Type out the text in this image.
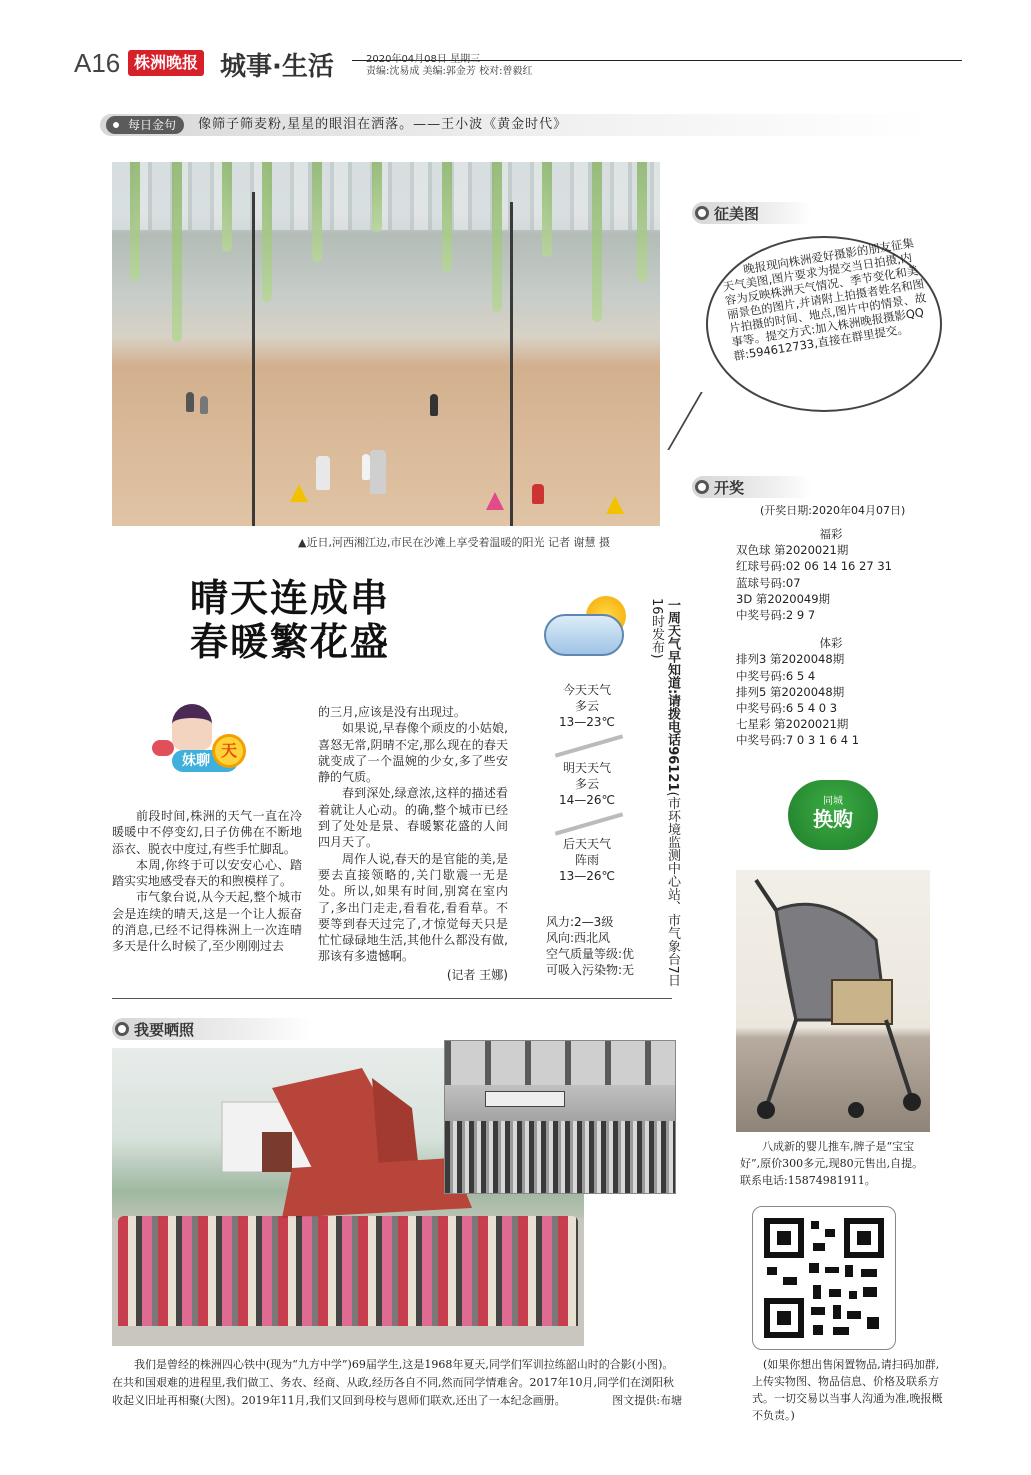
A16 株洲晚报 城事·生活	2020年04月08日 星期三
责编:沈易成 美编:郭金芳 校对:曾毅红
每日金句	像筛子筛麦粉,星星的眼泪在洒落。——王小波《黄金时代》
▲近日,河西湘江边,市民在沙滩上享受着温暖的阳光 记者 谢慧 摄
晴天连成串
春暖繁花盛
妹聊
天

前段时间,株洲的天气一直在冷暖暖中不停变幻,日子仿佛在不断地添衣、脱衣中度过,有些手忙脚乱。

本周,你终于可以安安心心、踏踏实实地感受春天的和煦模样了。

市气象台说,从今天起,整个城市会是连续的晴天,这是一个让人振奋的消息,已经不记得株洲上一次连晴多天是什么时候了,至少刚刚过去

的三月,应该是没有出现过。

如果说,早春像个顽皮的小姑娘,喜怒无常,阴晴不定,那么现在的春天就变成了一个温婉的少女,多了些安静的气质。

春到深处,绿意浓,这样的描述看着就让人心动。的确,整个城市已经到了处处是景、春暖繁花盛的人间四月天了。

周作人说,春天的是官能的美,是要去直接领略的,关门歇震一无是处。所以,如果有时间,别窝在室内了,多出门走走,看看花,看看草。不要等到春天过完了,才惊觉每天只是忙忙碌碌地生活,其他什么都没有做,那该有多遗憾啊。

(记者 王娜)

今天天气
多云
13—23℃
明天天气
多云
14—26℃
后天天气
阵雨
13—26℃
风力:2—3级
风向:西北风
空气质量等级:优
可吸入污染物:无
一周天气早知道:请拨电话96121(市环境监测中心站、市气象台7日16时发布)
征美图
晚报现向株洲爱好摄影的朋友征集天气美图,图片要求为提交当日拍摄,内容为反映株洲天气情况、季节变化和美丽景色的图片,并请附上拍摄者姓名和图片拍摄的时间、地点,图片中的情景、故事等。提交方式:加入株洲晚报摄影QQ群:594612733,直接在群里提交。
开奖
(开奖日期:2020年04月07日)
福彩
双色球 第2020021期
红球号码:02 06 14 16 27 31
蓝球号码:07
3D 第2020049期
中奖号码:2 9 7
体彩
排列3 第2020048期
中奖号码:6 5 4
排列5 第2020048期
中奖号码:6 5 4 0 3
七星彩 第2020021期
中奖号码:7 0 3 1 6 4 1
同城
换购
八成新的婴儿推车,牌子是“宝宝好”,原价300多元,现80元售出,自提。联系电话:15874981911。
(如果你想出售闲置物品,请扫码加群,上传实物图、物品信息、价格及联系方式。一切交易以当事人沟通为准,晚报概不负责。)
我要晒照
我们是曾经的株洲四心铁中(现为“九方中学”)69届学生,这是1968年夏天,同学们军训拉练韶山时的合影(小图)。在共和国艰难的进程里,我们做工、务农、经商、从政,经历各自不同,然而同学情难舍。2017年10月,同学们在浏阳秋收起义旧址再相聚(大图)。2019年11月,我们又回到母校与恩师们联欢,还出了一本纪念画册。	图文提供:布塘
